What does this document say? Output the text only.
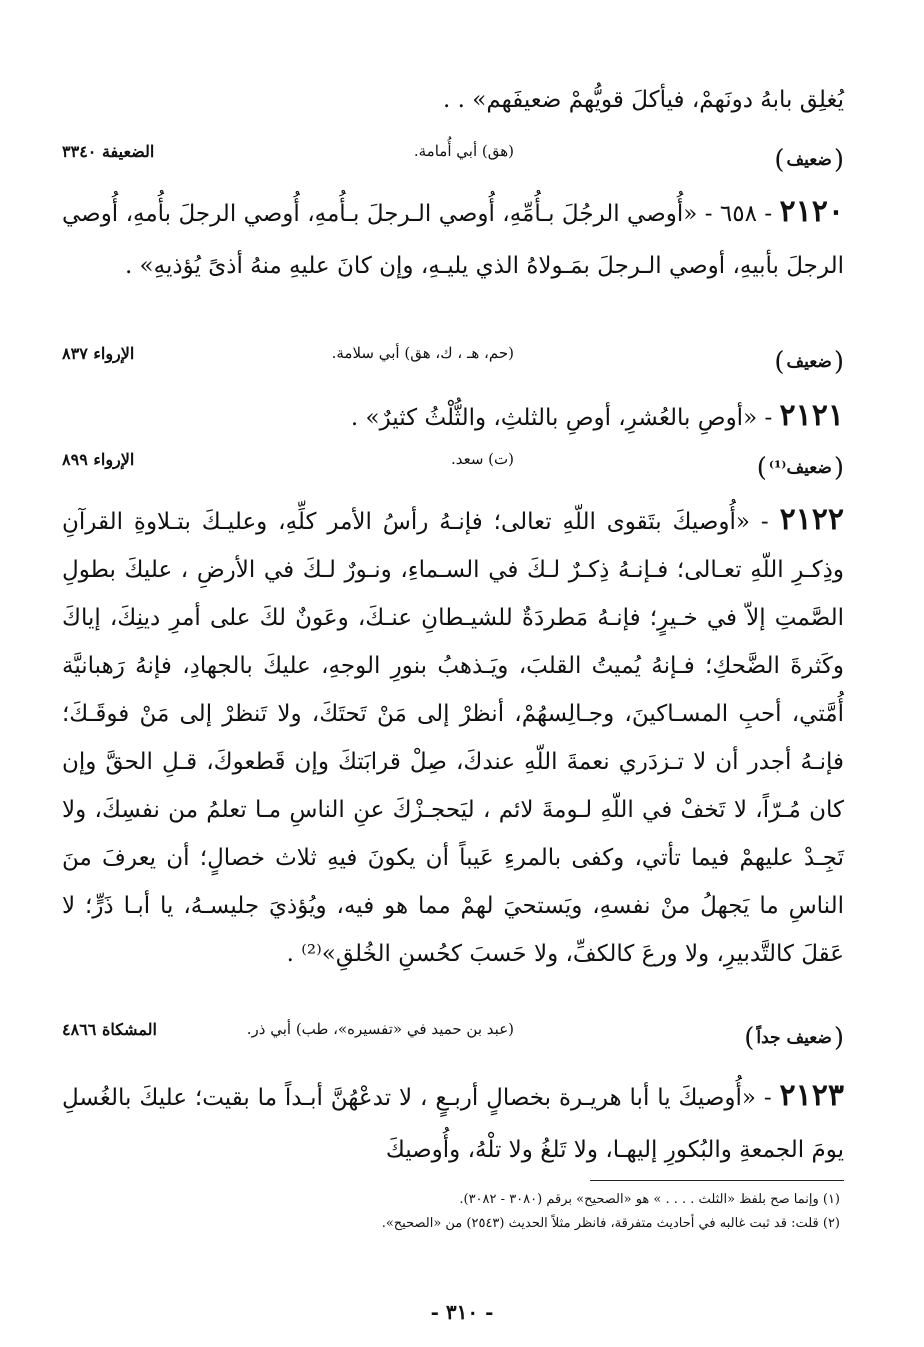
يُغلِق بابهُ دونَهمْ، فيأكلَ قويُّهمْ ضعيفَهم» . .

( ضعيف )
(هق) أبي أُمامة.
الضعيفة ٣٣٤٠

٢١٢٠ - ٦٥٨ - «أُوصي الرجُلَ بـأُمِّهِ، أُوصي الـرجلَ بـأُمهِ، أُوصي الرجلَ بأُمهِ، أُوصي الرجلَ بأبيهِ، أوصي الـرجلَ بمَـولاهُ الذي يليـهِ، وإن كانَ عليهِ منهُ أذىً يُؤذيهِ» .

( ضعيف )
(حم، هـ ، ك، هق) أبي سلامة.
الإرواء ٨٣٧

٢١٢١ - «أوصِ بالعُشرِ، أوصِ بالثلثِ، والثُّلْثُ كثيرٌ» .

( ضعيف⁽¹⁾ )
(ت) سعد.
الإرواء ٨٩٩

٢١٢٢ - «أُوصيكَ بتَقوى اللّهِ تعالى؛ فإنـهُ رأسُ الأمر كلِّهِ، وعليـكَ بتـلاوةِ القرآنِ وذِكـرِ اللّهِ تعـالى؛ فـإنـهُ ذِكـرٌ لـكَ في السـماءِ، ونـورٌ لـكَ في الأرضِ ، عليكَ بطولِ الصَّمتِ إلاّ في خـيرٍ؛ فإنـهُ مَطردَةٌ للشيـطانِ عنـكَ، وعَونٌ لكَ على أمرِ دينِكَ، إياكَ وكَثرةَ الضَّحكِ؛ فـإنهُ يُميتُ القلبَ، ويَـذهبُ بنورِ الوجهِ، عليكَ بالجهادِ، فإنهُ رَهبانيَّة أُمَّتي، أحبِ المسـاكينَ، وجـالِسهُمْ، أنظرْ إلى مَنْ تَحتَكَ، ولا تَنظرْ إلى مَنْ فوقَـكَ؛ فإنـهُ أجدر أن لا تـزدَري نعمةَ اللّهِ عندكَ، صِلْ قرابَتكَ وإن قَطعوكَ، قـلِ الحقَّ وإن كان مُـرّاً، لا تَخفْ في اللّهِ لـومةَ لائم ، ليَحجـزْكَ عنِ الناسِ مـا تعلمُ من نفسِكَ، ولا تَجِـدْ عليهمْ فيما تأتي، وكفى بالمرءِ عَيباً أن يكونَ فيهِ ثلاث خصالٍ؛ أن يعرفَ منَ الناسِ ما يَجهلُ منْ نفسهِ، ويَستحيَ لهمْ مما هو فيه، ويُؤذيَ جليسـهُ، يا أبـا ذَرٍّ؛ لا عَقلَ كالتَّدبيرِ، ولا ورعَ كالكفِّ، ولا حَسبَ كحُسنِ الخُلقِ»⁽²⁾ .

( ضعيف جداً )
(عبد بن حميد في «تفسيره»، طب) أبي ذر.
المشكاة ٤٨٦٦

٢١٢٣ - «أُوصيكَ يا أبا هريـرة بخصالٍ أربـعٍ ، لا تدعْهُنَّ أبـداً ما بقيت؛ عليكَ بالغُسلِ يومَ الجمعةِ والبُكورِ إليهـا، ولا تَلغُ ولا تلْهُ، وأُوصيكَ

(١) وإنما صح بلفظ «الثلث . . . . » هو «الصحيح» برقم (٣٠٨٠ - ٣٠٨٢).

(٢) قلت: قد ثبت غالبه في أحاديث متفرقة، فانظر مثلاً الحديث (٢٥٤٣) من «الصحيح».

- ٣١٠ -
